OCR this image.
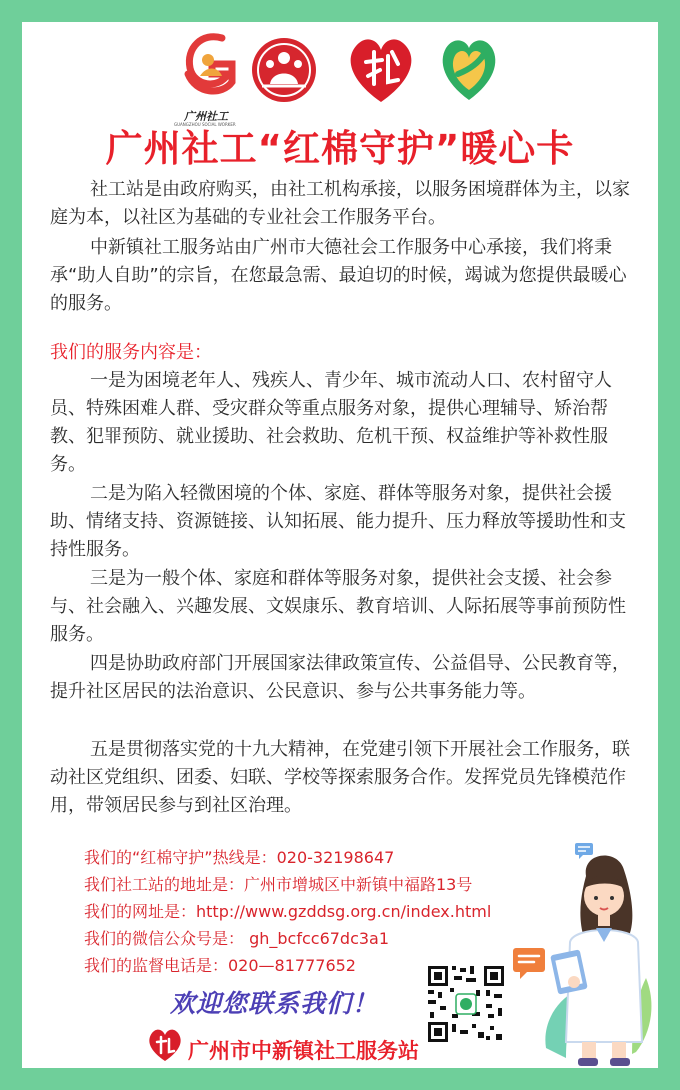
广州社工
GUANGZHOU SOCIAL WORKER
广州社工“红棉守护”暖心卡
社工站是由政府购买，由社工机构承接，以服务困境群体为主，以家庭为本，以社区为基础的专业社会工作服务平台。
中新镇社工服务站由广州市大德社会工作服务中心承接，我们将秉承“助人自助”的宗旨，在您最急需、最迫切的时候，竭诚为您提供最暖心的服务。
我们的服务内容是：
一是为困境老年人、残疾人、青少年、城市流动人口、农村留守人员、特殊困难人群、受灾群众等重点服务对象，提供心理辅导、矫治帮教、犯罪预防、就业援助、社会救助、危机干预、权益维护等补救性服务。
二是为陷入轻微困境的个体、家庭、群体等服务对象，提供社会援助、情绪支持、资源链接、认知拓展、能力提升、压力释放等援助性和支持性服务。
三是为一般个体、家庭和群体等服务对象，提供社会支援、社会参与、社会融入、兴趣发展、文娱康乐、教育培训、人际拓展等事前预防性服务。
四是协助政府部门开展国家法律政策宣传、公益倡导、公民教育等，提升社区居民的法治意识、公民意识、参与公共事务能力等。
五是贯彻落实党的十九大精神，在党建引领下开展社会工作服务，联动社区党组织、团委、妇联、学校等探索服务合作。发挥党员先锋模范作用，带领居民参与到社区治理。
我们的“红棉守护”热线是：020-32198647
我们社工站的地址是：广州市增城区中新镇中福路13号
我们的网址是：http://www.gzddsg.org.cn/index.html
我们的微信公众号是： gh_bcfcc67dc3a1
我们的监督电话是：020—81777652
欢迎您联系我们！
广州市中新镇社工服务站
